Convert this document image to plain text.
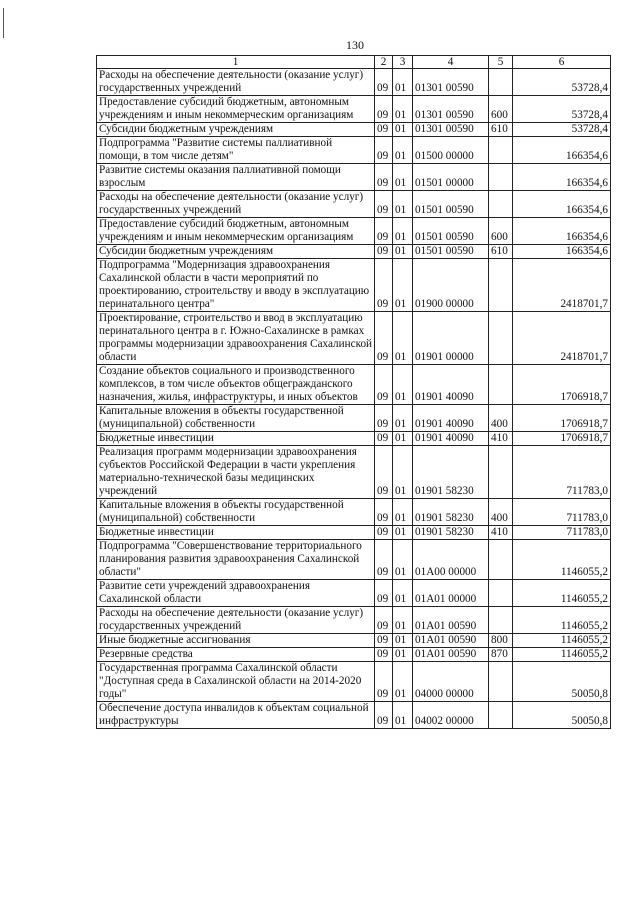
130
1	2	3	4	5	6
Расходы на обеспечение деятельности (оказание услуг) государственных учреждений	09	01	01301 00590		53728,4
Предоставление субсидий бюджетным, автономным учреждениям и иным некоммерческим организациям	09	01	01301 00590	600	53728,4
Субсидии бюджетным учреждениям	09	01	01301 00590	610	53728,4
Подпрограмма "Развитие системы паллиативной помощи, в том числе детям"	09	01	01500 00000		166354,6
Развитие системы оказания паллиативной помощи взрослым	09	01	01501 00000		166354,6
Расходы на обеспечение деятельности (оказание услуг) государственных учреждений	09	01	01501 00590		166354,6
Предоставление субсидий бюджетным, автономным учреждениям и иным некоммерческим организациям	09	01	01501 00590	600	166354,6
Субсидии бюджетным учреждениям	09	01	01501 00590	610	166354,6
Подпрограмма "Модернизация здравоохранения Сахалинской области в части мероприятий по проектированию, строительству и вводу в эксплуатацию перинатального центра"	09	01	01900 00000		2418701,7
Проектирование, строительство и ввод в эксплуатацию перинатального центра в г. Южно-Сахалинске в рамках программы модернизации здравоохранения Сахалинской области	09	01	01901 00000		2418701,7
Создание объектов социального и производственного комплексов, в том числе объектов общегражданского назначения, жилья, инфраструктуры, и иных объектов	09	01	01901 40090		1706918,7
Капитальные вложения в объекты государственной (муниципальной) собственности	09	01	01901 40090	400	1706918,7
Бюджетные инвестиции	09	01	01901 40090	410	1706918,7
Реализация программ модернизации здравоохранения субъектов Российской Федерации в части укрепления материально-технической базы медицинских учреждений	09	01	01901 58230		711783,0
Капитальные вложения в объекты государственной (муниципальной) собственности	09	01	01901 58230	400	711783,0
Бюджетные инвестиции	09	01	01901 58230	410	711783,0
Подпрограмма "Совершенствование территориального планирования развития здравоохранения Сахалинской области"	09	01	01А00 00000		1146055,2
Развитие сети учреждений здравоохранения Сахалинской области	09	01	01А01 00000		1146055,2
Расходы на обеспечение деятельности (оказание услуг) государственных учреждений	09	01	01А01 00590		1146055,2
Иные бюджетные ассигнования	09	01	01А01 00590	800	1146055,2
Резервные средства	09	01	01А01 00590	870	1146055,2
Государственная программа Сахалинской области "Доступная среда в Сахалинской области на 2014-2020 годы"	09	01	04000 00000		50050,8
Обеспечение доступа инвалидов к объектам социальной инфраструктуры	09	01	04002 00000		50050,8
